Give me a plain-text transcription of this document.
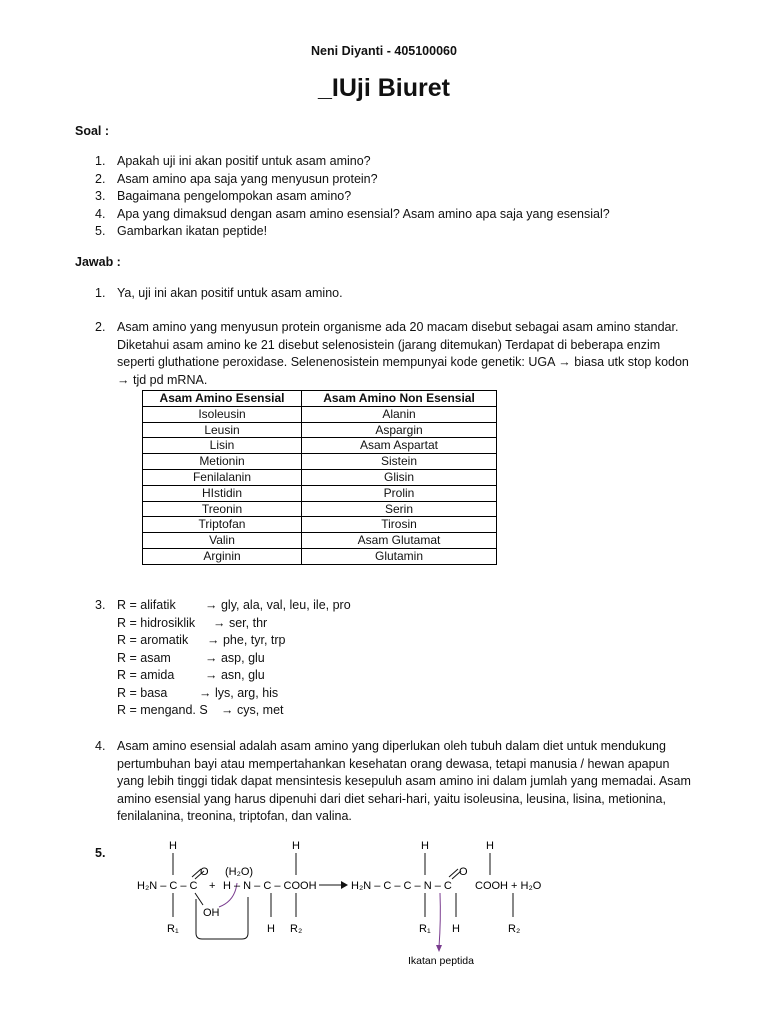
Neni Diyanti - 405100060
_IUji Biuret
Soal :
1. Apakah uji ini akan positif untuk asam amino?
2. Asam amino apa saja yang menyusun protein?
3. Bagaimana pengelompokan asam amino?
4. Apa yang dimaksud dengan asam amino esensial? Asam amino apa saja yang esensial?
5. Gambarkan ikatan peptide!
Jawab :
1. Ya, uji ini akan positif untuk asam amino.
2. Asam amino yang menyusun protein organisme ada 20 macam disebut sebagai asam amino standar. Diketahui asam amino ke 21 disebut selenosistein (jarang ditemukan) Terdapat di beberapa enzim seperti gluthatione peroxidase. Selenenosistein mempunyai kode genetik: UGA → biasa utk stop kodon → tjd pd mRNA.
Asam Amino Esensial	Asam Amino Non Esensial
Isoleusin	Alanin
Leusin	Aspargin
Lisin	Asam Aspartat
Metionin	Sistein
Fenilalanin	Glisin
HIstidin	Prolin
Treonin	Serin
Triptofan	Tirosin
Valin	Asam Glutamat
Arginin	Glutamin
3. R = alifatik → gly, ala, val, leu, ile, pro
R = hidrosiklik → ser, thr
R = aromatik → phe, tyr, trp
R = asam	→ asp, glu
R = amida → asn, glu
R = basa	→ lys, arg, his
R = mengand. S → cys, met
4. Asam amino esensial adalah asam amino yang diperlukan oleh tubuh dalam diet untuk mendukung pertumbuhan bayi atau mempertahankan kesehatan orang dewasa, tetapi manusia / hewan apapun yang lebih tinggi tidak dapat mensintesis kesepuluh asam amino ini dalam jumlah yang memadai. Asam amino esensial yang harus dipenuhi dari diet sehari-hari, yaitu isoleusina, leusina, lisina, metionina, fenilalanina, treonina, triptofan, dan valina.
5.	H
O (H₂O)
H₂N – C – C +
OH
R₁
H
H – N – C – COOH
H R₂
H	H
O
H₂N – C – C – N – C COOH + H₂O
R₁ H	R₂
Ikatan peptida
